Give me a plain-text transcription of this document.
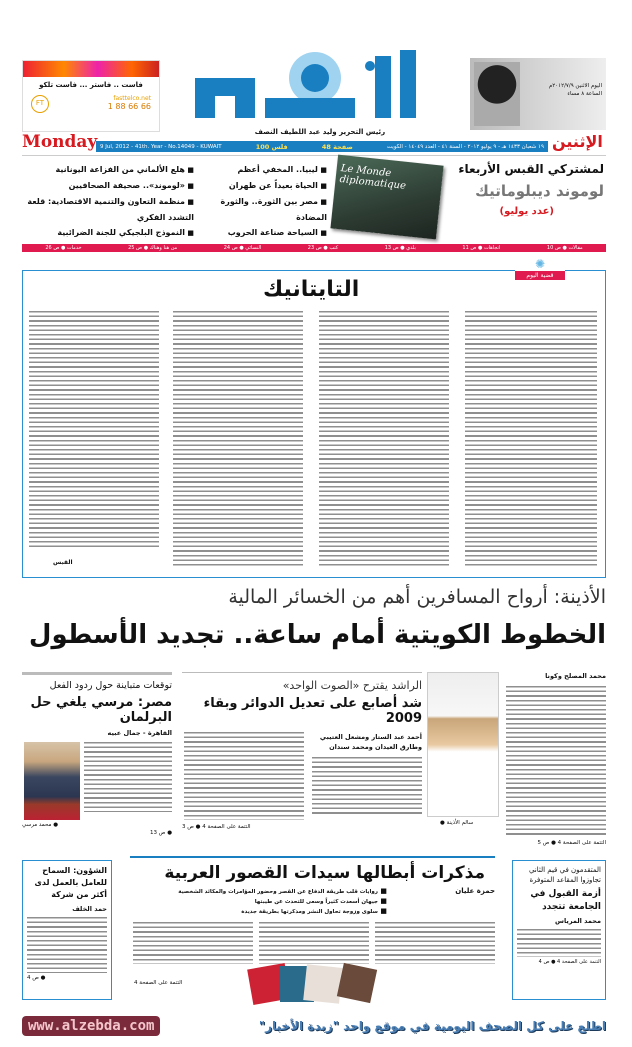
فاست .. فاستر ... فاست تلكو
FT
fasttelco.net
1 88 66 66
اليوم الاثنين ٢٠١٢/٧/٩م
الساعة ٨ مساء
رئيس التحرير وليد عبد اللطيف النصف
Monday	الإثنين
9 Jul, 2012 - 41th. Year - No.14049 - KUWAIT	100 فلس	48 صفحة	١٩ شعبان ١٤٣٣ هـ - ٩ يوليو ٢٠١٢ - السنة ٤١ - العدد ١٤٠٤٩ - الكويت
لمشتركي القبس الأربعاء
لوموند ديبلوماتيك
(عدد يوليو)
Le Monde diplomatique
■ ليبيا.. المخفي أعظم
■ الحياة بعيداً عن طهران
■ مصر بين الثورة.. والثورة المضادة
■ السياحة صناعة الحروب
■ هلع الألماني من الفزاعة اليونانية
■ «لوموند».. صحيفة الصحافيين
■ منظمة التعاون والتنمية الاقتصادية: قلعة التشدد الفكري
■ النموذج البلجيكي للجنة الضرائبية
مقالات ● ص 10
اتجاهات ● ص 11
بلدي ● ص 13
كتب ● ص 23
النسائي ● ص 24
من هنا وهناك ● ص 25
خدمات ● ص 26
✺
قضية اليوم
التايتانيك
القبس
الأذينة: أرواح المسافرين أهم من الخسائر المالية
الخطوط الكويتية أمام ساعة.. تجديد الأسطول
محمد المصلح وكونا
التتمة على الصفحة 4 ● ص 5
● سالم الأذينة
الراشد يقترح «الصوت الواحد»
شد أصابع على تعديل الدوائر وبقاء 2009
أحمد عبد الستار ومشعل العتيبي وطارق العيدان ومحمد سندان
التتمة على الصفحة 4 ● ص 3
توقعات متباينة حول ردود الفعل
مصر: مرسي يلغي حل البرلمان
القاهرة - جمال عبيه
● محمد مرسي
● ص 13
الشؤون: السماح للعامل بالعمل لدى أكثر من شركة
حمد الخلف
● ص 4
مذكرات أبطالها سيدات القصور العربية
حمزة عليان
■ روايات قلب طريقة الدفاع عن القصر وحضور المؤامرات والمكائد الشخصية
■ جيهان أسعدت كثيراً وسعى للتحدث عن طيبتها
■ سلوى وزوجة تحاول النشر ومذكرتها بطريقة جديدة
التتمة على الصفحة 4
المتقدمون في قيم الثاني تجاوزوا المقاعد المتوفرة
أزمة القبول في الجامعة تتجدد
محمد المرياس
التتمة على الصفحة 4 ● ص 4
www.alzebda.com	اطلع على كل الصحف اليومية في موقع واحد "زبدة الأخبار"
